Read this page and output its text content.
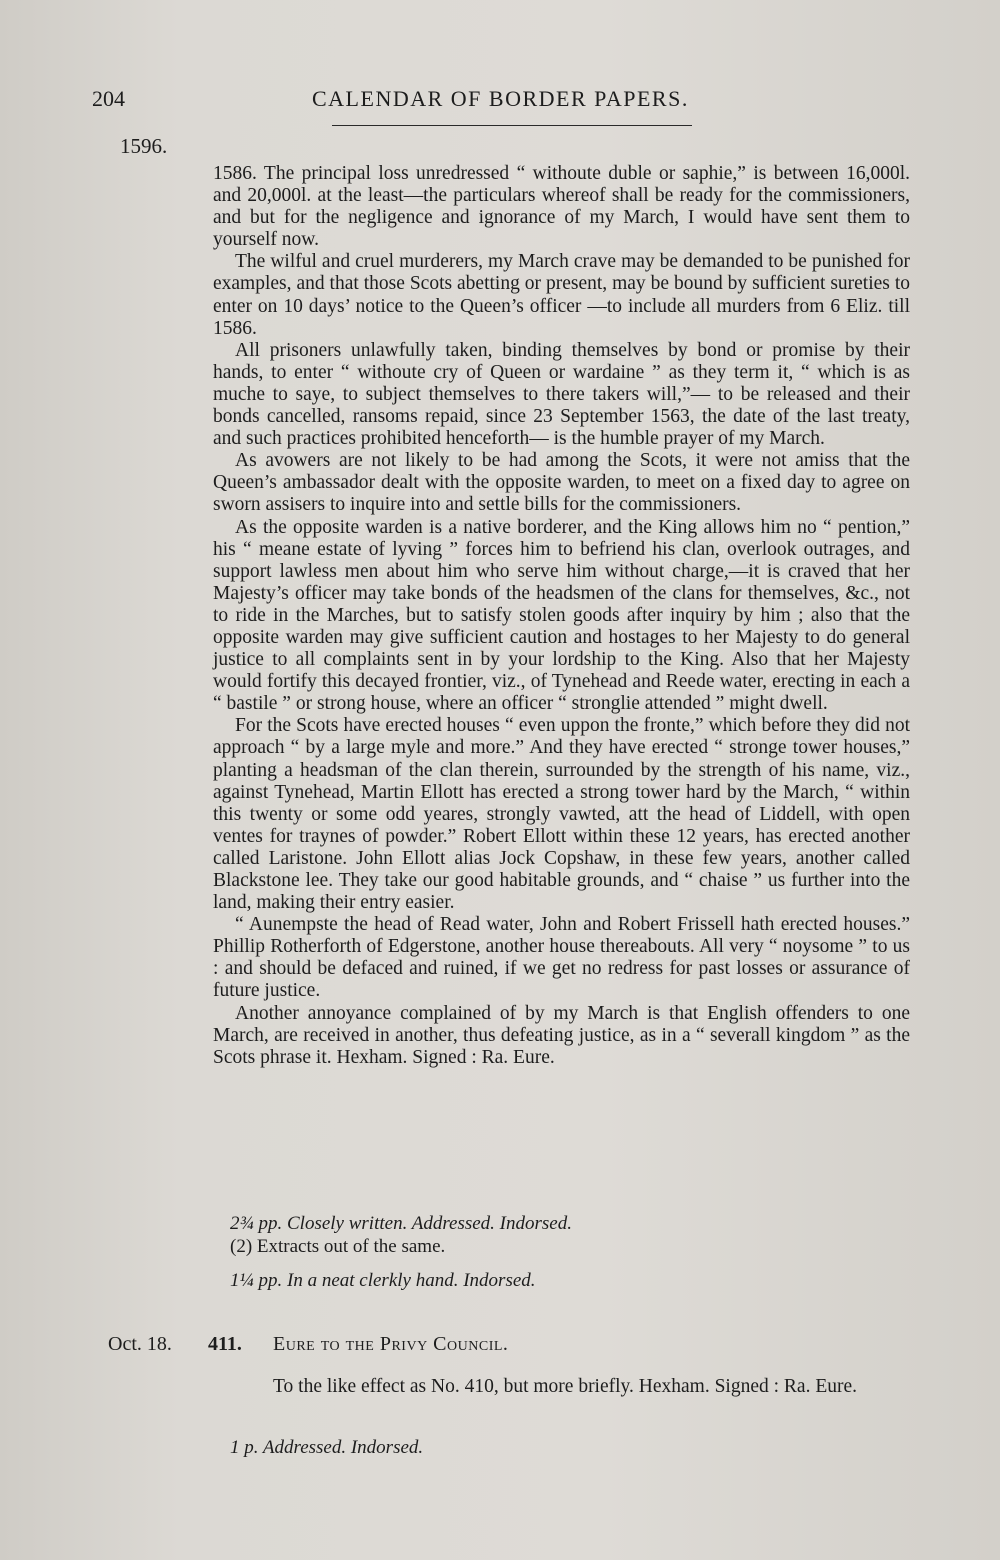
204	CALENDAR OF BORDER PAPERS.
1596.

1586. The principal loss unredressed “ withoute duble or saphie,” is between 16,000l. and 20,000l. at the least—the particulars whereof shall be ready for the commissioners, and but for the negligence and ignorance of my March, I would have sent them to yourself now.

The wilful and cruel murderers, my March crave may be demanded to be punished for examples, and that those Scots abetting or present, may be bound by sufficient sureties to enter on 10 days’ notice to the Queen’s officer —to include all murders from 6 Eliz. till 1586.

All prisoners unlawfully taken, binding themselves by bond or promise by their hands, to enter “ withoute cry of Queen or wardaine ” as they term it, “ which is as muche to saye, to subject themselves to there takers will,”— to be released and their bonds cancelled, ransoms repaid, since 23 September 1563, the date of the last treaty, and such practices prohibited henceforth— is the humble prayer of my March.

As avowers are not likely to be had among the Scots, it were not amiss that the Queen’s ambassador dealt with the opposite warden, to meet on a fixed day to agree on sworn assisers to inquire into and settle bills for the commissioners.

As the opposite warden is a native borderer, and the King allows him no “ pention,” his “ meane estate of lyving ” forces him to befriend his clan, overlook outrages, and support lawless men about him who serve him without charge,—it is craved that her Majesty’s officer may take bonds of the headsmen of the clans for themselves, &c., not to ride in the Marches, but to satisfy stolen goods after inquiry by him ; also that the opposite warden may give sufficient caution and hostages to her Majesty to do general justice to all complaints sent in by your lordship to the King. Also that her Majesty would fortify this decayed frontier, viz., of Tynehead and Reede water, erecting in each a “ bastile ” or strong house, where an officer “ stronglie attended ” might dwell.

For the Scots have erected houses “ even uppon the fronte,” which before they did not approach “ by a large myle and more.” And they have erected “ stronge tower houses,” planting a headsman of the clan therein, surrounded by the strength of his name, viz., against Tynehead, Martin Ellott has erected a strong tower hard by the March, “ within this twenty or some odd yeares, strongly vawted, att the head of Liddell, with open ventes for traynes of powder.” Robert Ellott within these 12 years, has erected another called Laristone. John Ellott alias Jock Copshaw, in these few years, another called Blackstone lee. They take our good habitable grounds, and “ chaise ” us further into the land, making their entry easier.

“ Aunempste the head of Read water, John and Robert Frissell hath erected houses.” Phillip Rotherforth of Edgerstone, another house thereabouts. All very “ noysome ” to us : and should be defaced and ruined, if we get no redress for past losses or assurance of future justice.

Another annoyance complained of by my March is that English offenders to one March, are received in another, thus defeating justice, as in a “ severall kingdom ” as the Scots phrase it. Hexham. Signed : Ra. Eure.

2¾ pp. Closely written. Addressed. Indorsed.
(2) Extracts out of the same.
1¼ pp. In a neat clerkly hand. Indorsed.
Oct. 18. 411. Eure to the Privy Council.

To the like effect as No. 410, but more briefly. Hexham. Signed : Ra. Eure.

1 p. Addressed. Indorsed.
